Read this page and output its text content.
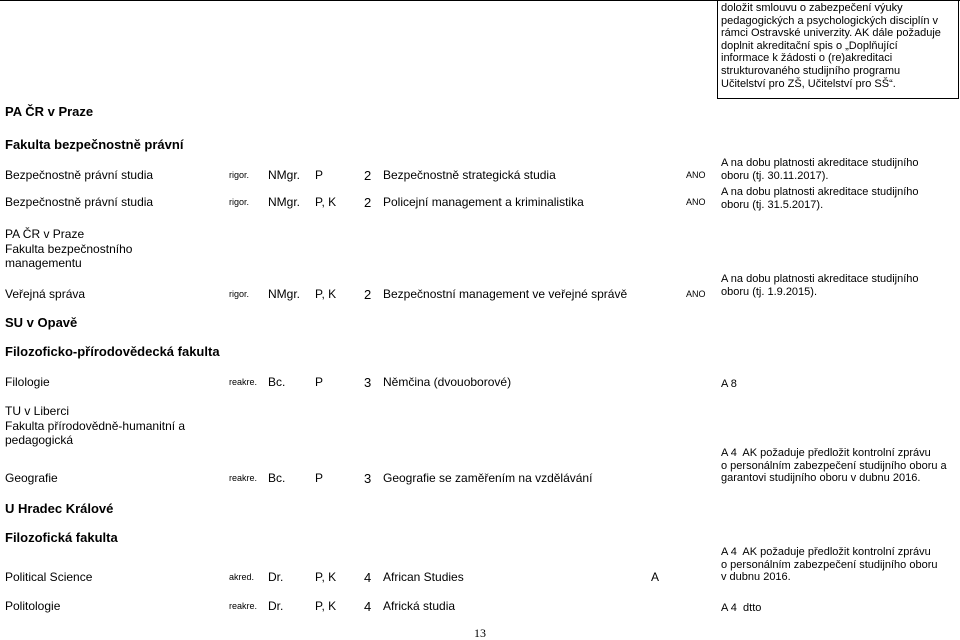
doložit smlouvu o zabezpečení výuky
pedagogických a psychologických disciplín v
rámci Ostravské univerzity. AK dále požaduje
doplnit akreditační spis o „Doplňující
informace k žádosti o (re)akreditaci
strukturovaného studijního programu
Učitelství pro ZŠ, Učitelství pro SŠ“.
PA ČR v Praze
Fakulta bezpečnostně právní
Bezpečnostně právní studia	rigor. NMgr. P	2 Bezpečnostně strategická studia	ANO
A na dobu platnosti akreditace studijního
oboru (tj. 30.11.2017).
Bezpečnostně právní studia	rigor. NMgr. P, K 2 Policejní management a kriminalistika	ANO
A na dobu platnosti akreditace studijního
oboru (tj. 31.5.2017).
PA ČR v Praze
Fakulta bezpečnostního
managementu
Veřejná správa	rigor. NMgr. P, K 2 Bezpečnostní management ve veřejné správě	ANO
A na dobu platnosti akreditace studijního
oboru (tj. 1.9.2015).
SU v Opavě
Filozoficko-přírodovědecká fakulta
Filologie	reakre. Bc. P	3 Němčina (dvouoborové)	A 8
TU v Liberci
Fakulta přírodovědně-humanitní a
pedagogická
Geografie	reakre. Bc. P	3 Geografie se zaměřením na vzdělávání
A 4  AK požaduje předložit kontrolní zprávu
o personálním zabezpečení studijního oboru a
garantovi studijního oboru v dubnu 2016.
U Hradec Králové
Filozofická fakulta
Political Science	akred. Dr.	P, K 4 African Studies	A
A 4  AK požaduje předložit kontrolní zprávu
o personálním zabezpečení studijního oboru
v dubnu 2016.
Politologie	reakre. Dr.	P, K 4 Africká studia	A 4  dtto
13
